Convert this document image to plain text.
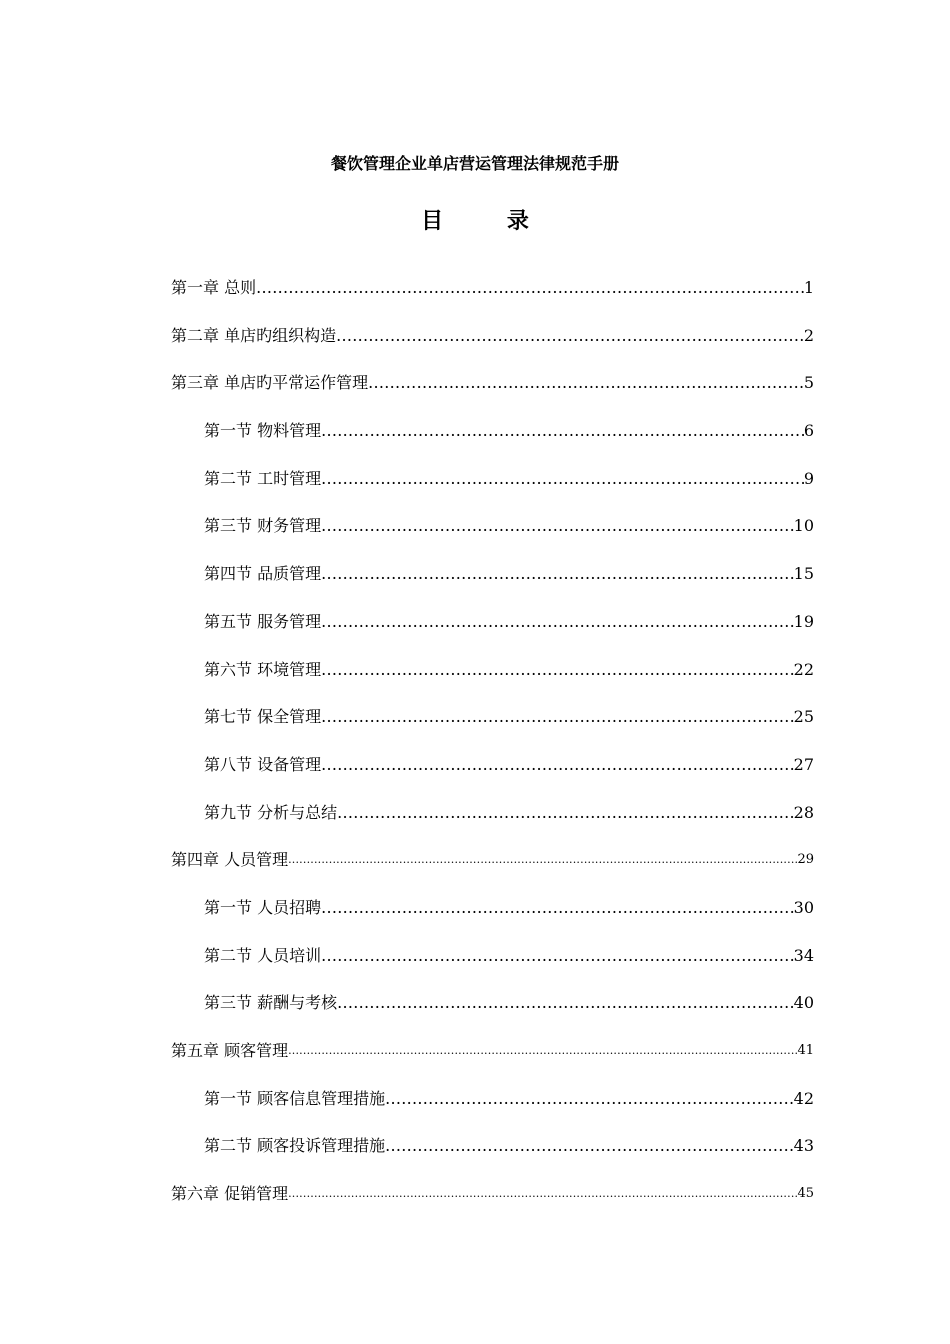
餐饮管理企业单店营运管理法律规范手册
目 录
第一章 总则 .....	1
第二章 单店旳组织构造 .....	2
第三章 单店旳平常运作管理 .....	5
第一节 物料管理 .....	6
第二节 工时管理 .....	9
第三节 财务管理 .....	10
第四节 品质管理 .....	15
第五节 服务管理 .....	19
第六节 环境管理 .....	22
第七节 保全管理 .....	25
第八节 设备管理 .....	27
第九节 分析与总结 .....	28
第四章 人员管理 .....	29
第一节 人员招聘 .....	30
第二节 人员培训 .....	34
第三节 薪酬与考核 .....	40
第五章 顾客管理 .....	41
第一节 顾客信息管理措施 .....	42
第二节 顾客投诉管理措施 .....	43
第六章 促销管理 .....	45
